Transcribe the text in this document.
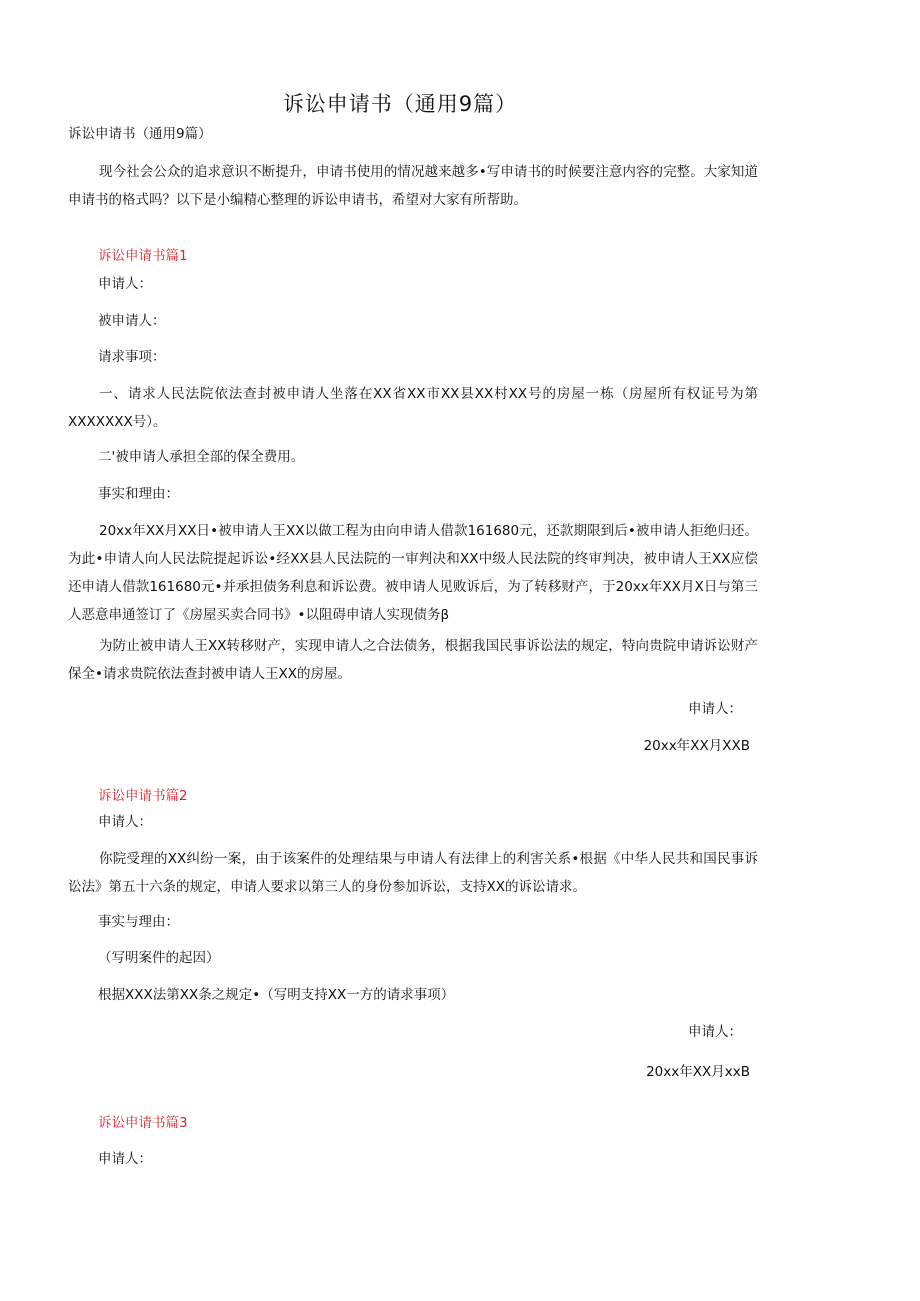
诉讼申请书（通用9篇）
诉讼申请书（通用9篇）
现今社会公众的追求意识不断提升，申请书使用的情况越来越多•写申请书的时候要注意内容的完整。大家知道申请书的格式吗？以下是小编精心整理的诉讼申请书，希望对大家有所帮助。
诉讼申请书篇1
申请人：
被申请人：
请求事项：
一、请求人民法院依法查封被申请人坐落在XX省XX市XX县XX村XX号的房屋一栋（房屋所有权证号为第XXXXXXX号）。
二'被申请人承担全部的保全费用。
事实和理由：
20xx年XX月XX日•被申请人王XX以做工程为由向申请人借款161680元，还款期限到后•被申请人拒绝归还。为此•申请人向人民法院提起诉讼•经XX县人民法院的一审判决和XX中级人民法院的终审判决，被申请人王XX应偿还申请人借款161680元•并承担债务利息和诉讼费。被申请人见败诉后，为了转移财产，于20xx年XX月X日与第三人恶意串通签订了《房屋买卖合同书》•以阻碍申请人实现债务β
为防止被申请人王XX转移财产，实现申请人之合法债务，根据我国民事诉讼法的规定，特向贵院申请诉讼财产保全•请求贵院依法查封被申请人王XX的房屋。
申请人：
20xx年XX月XXB
诉讼申请书篇2
申请人：
你院受理的XX纠纷一案，由于该案件的处理结果与申请人有法律上的利害关系•根据《中华人民共和国民事诉讼法》第五十六条的规定，申请人要求以第三人的身份参加诉讼，支持XX的诉讼请求。
事实与理由：
（写明案件的起因）
根据XXX法第XX条之规定•（写明支持XX一方的请求事项）
申请人：
20xx年XX月xxB
诉讼申请书篇3
申请人：
